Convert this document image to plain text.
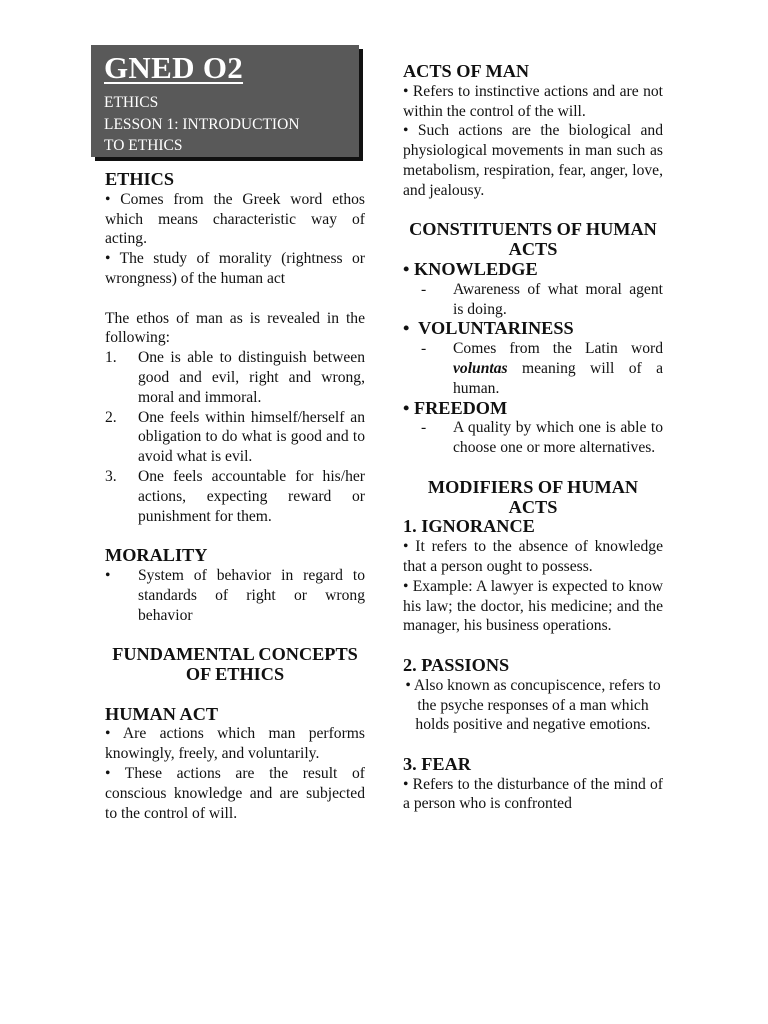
GNED O2
ETHICS
LESSON 1: INTRODUCTION
TO ETHICS
ETHICS

• Comes from the Greek word ethos which means characteristic way of acting.

• The study of morality (rightness or wrongness) of the human act

The ethos of man as is revealed in the following:

1.	One is able to distinguish between good and evil, right and wrong, moral and immoral.
2.	One feels within himself/herself an obligation to do what is good and to avoid what is evil.
3.	One feels accountable for his/her actions, expecting reward or punishment for them.
MORALITY
•	System of behavior in regard to standards of right or wrong behavior
FUNDAMENTAL CONCEPTS OF ETHICS
HUMAN ACT

• Are actions which man performs knowingly, freely, and voluntarily.

• These actions are the result of conscious knowledge and are subjected to the control of will.

ACTS OF MAN

• Refers to instinctive actions and are not within the control of the will.

• Such actions are the biological and physiological movements in man such as metabolism, respiration, fear, anger, love, and jealousy.

CONSTITUENTS OF HUMAN ACTS
• KNOWLEDGE
-	Awareness of what moral agent is doing.
•  VOLUNTARINESS
-	Comes from the Latin word voluntas meaning will of a human.
• FREEDOM
-	A quality by which one is able to choose one or more alternatives.
MODIFIERS OF HUMAN ACTS
1. IGNORANCE

• It refers to the absence of knowledge that a person ought to possess.

• Example: A lawyer is expected to know his law; the doctor, his medicine; and the manager, his business operations.

2. PASSIONS

• Also known as concupiscence, refers to the psyche responses of a man which holds positive and negative emotions.

3. FEAR

• Refers to the disturbance of the mind of a person who is confronted
